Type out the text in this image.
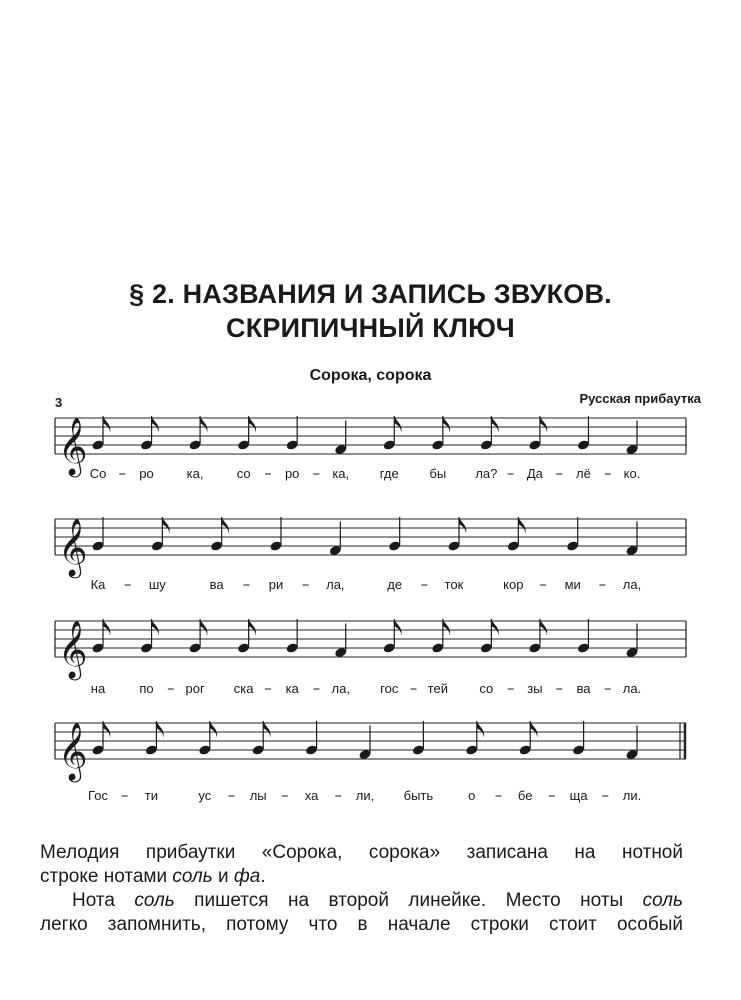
§ 2. НАЗВАНИЯ И ЗАПИСЬ ЗВУКОВ.
СКРИПИЧНЫЙ КЛЮЧ
Сорока, сорока
Русская прибаутка
3
𝄞 Со	ро	ка,	со	ро	ка, где бы ла? Да	лё	ко.
𝄞
Ка	шу	ва	ри	ла,	де	ток	кор	ми	ла,
𝄞
на	по рог ска ка	ла, гос тей со	зы	ва ла.
𝄞
Гос	ти	ус	лы	ха	ли, быть	о	бе	ща	ли.
Мелодия прибаутки «Сорока, сорока» записана на нотной
строке нотами соль и фа.
Нота соль пишется на второй линейке. Место ноты соль
легко запомнить, потому что в начале строки стоит особый
